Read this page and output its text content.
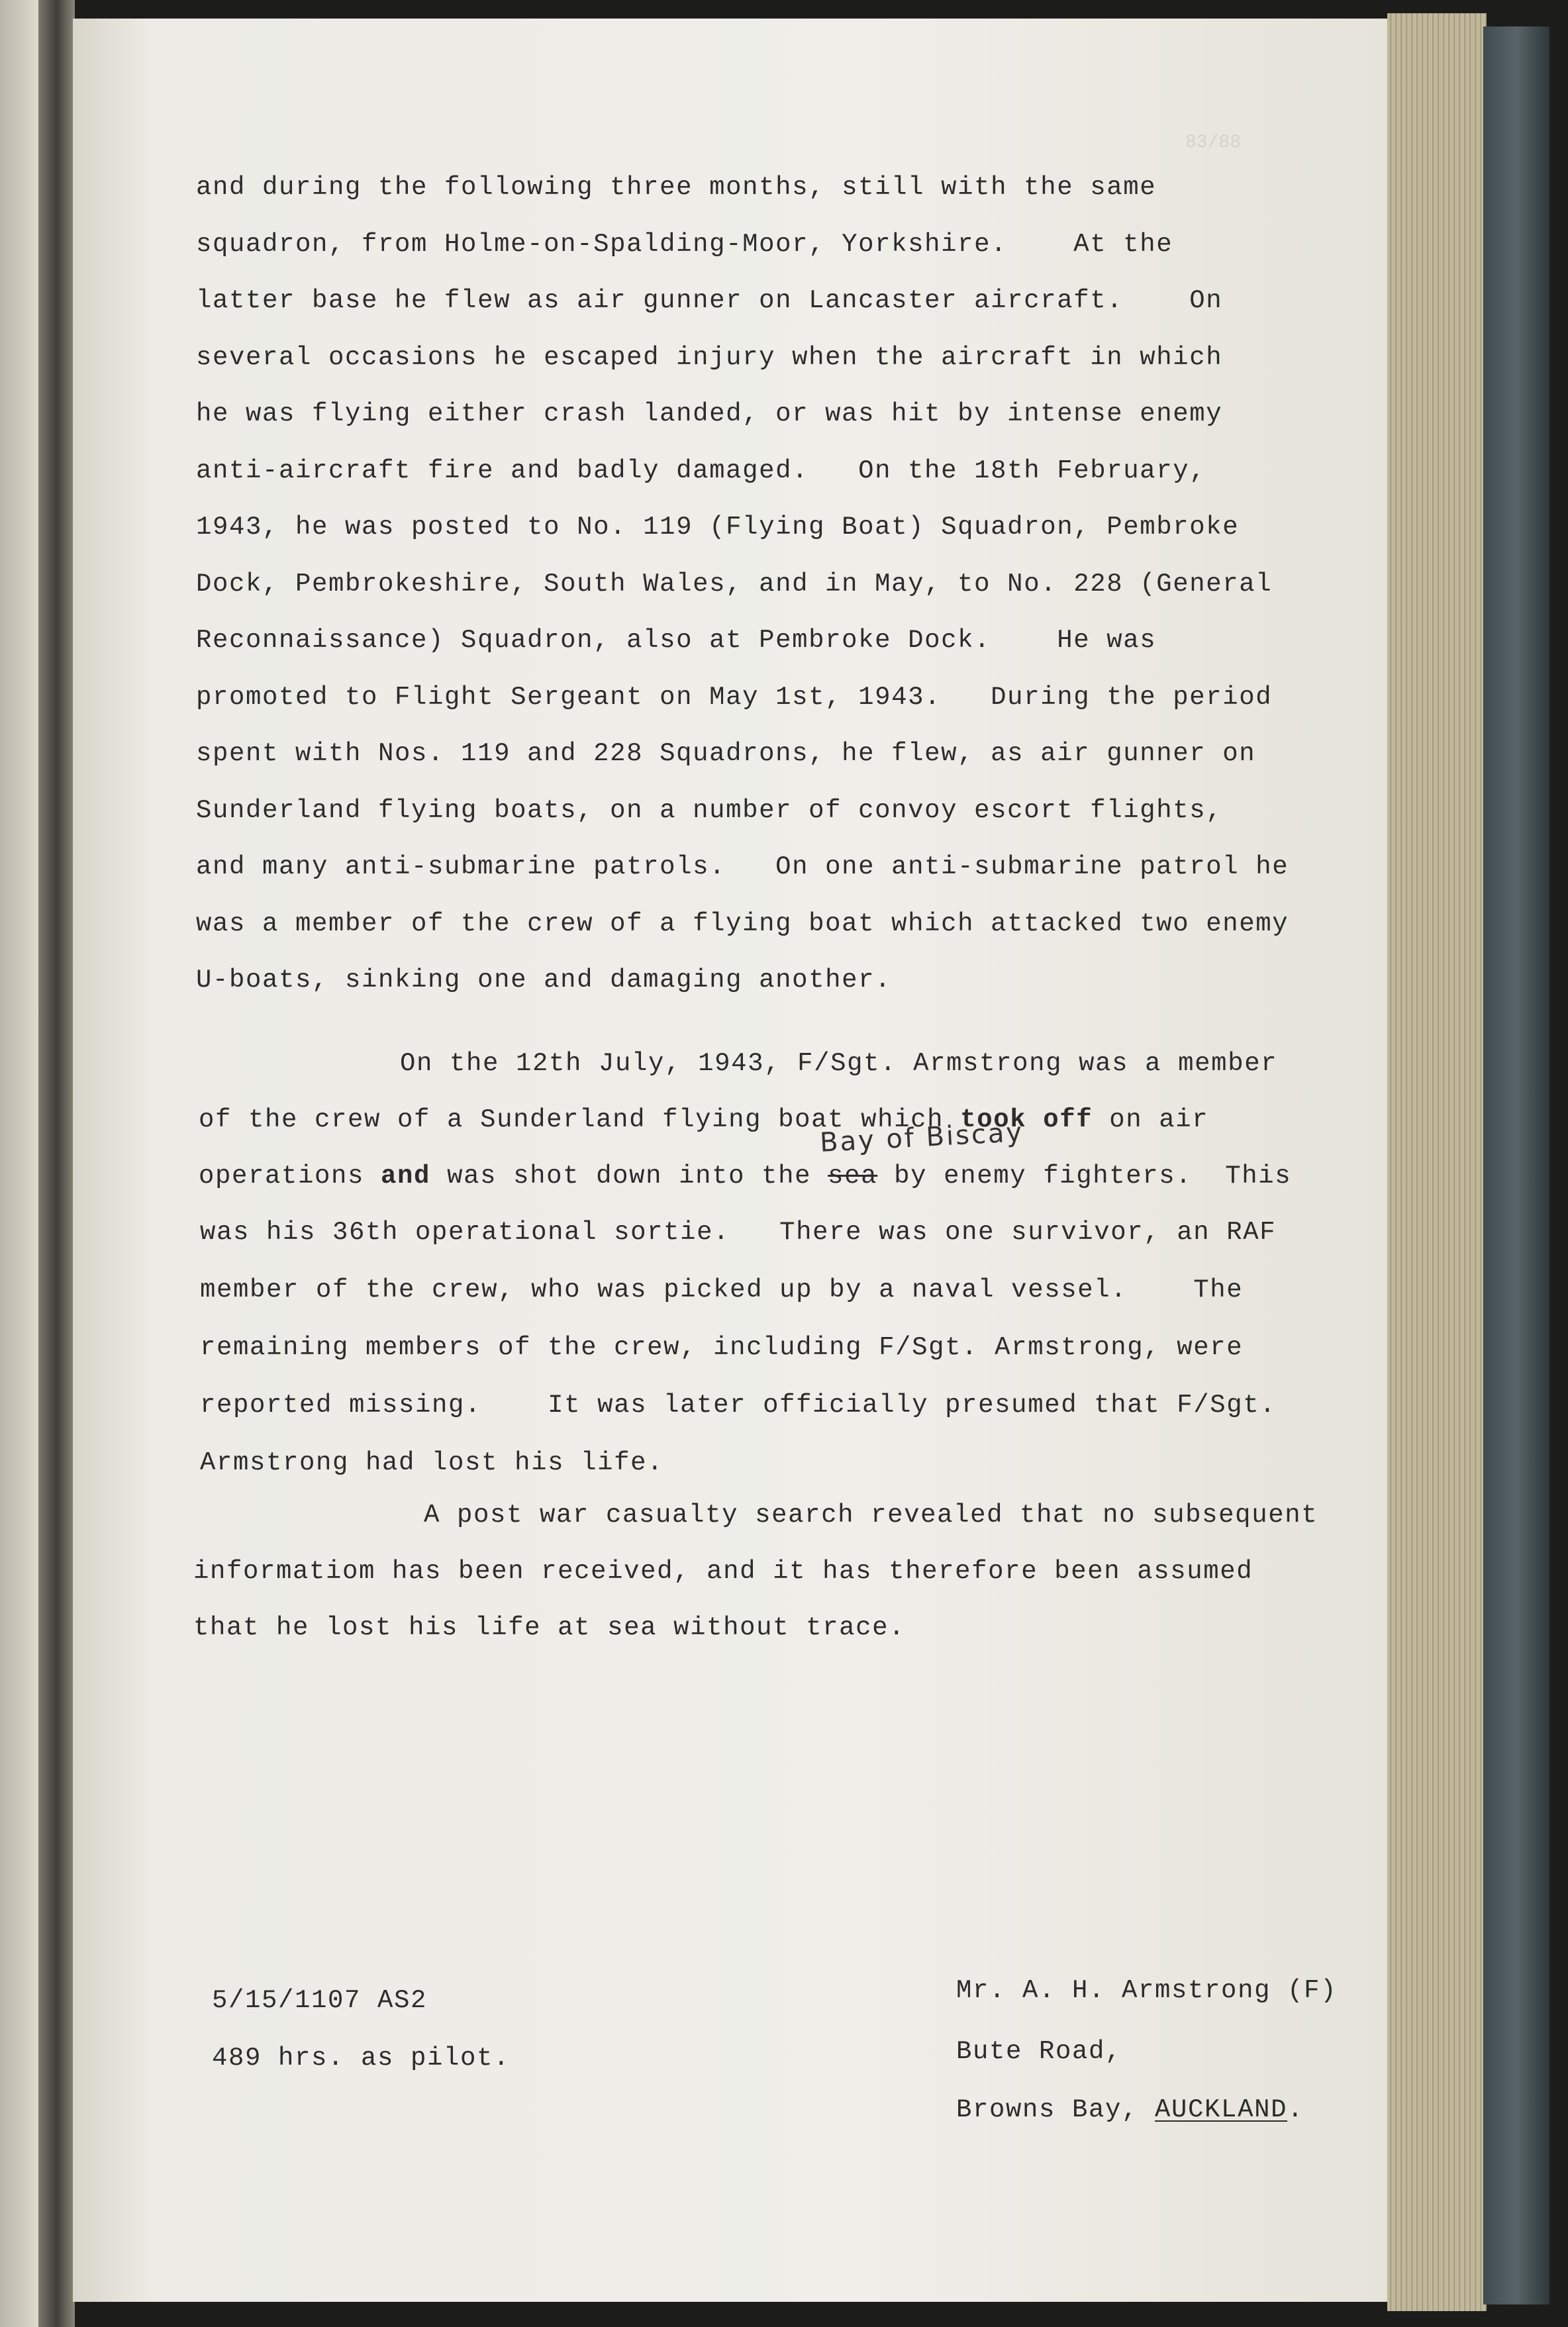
83/88

and during the following three months, still with the same

squadron, from Holme-on-Spalding-Moor, Yorkshire.    At the

latter base he flew as air gunner on Lancaster aircraft.    On

several occasions he escaped injury when the aircraft in which

he was flying either crash landed, or was hit by intense enemy

anti-aircraft fire and badly damaged.   On the 18th February,

1943, he was posted to No. 119 (Flying Boat) Squadron, Pembroke

Dock, Pembrokeshire, South Wales, and in May, to No. 228 (General

Reconnaissance) Squadron, also at Pembroke Dock.    He was

promoted to Flight Sergeant on May 1st, 1943.   During the period

spent with Nos. 119 and 228 Squadrons, he flew, as air gunner on

Sunderland flying boats, on a number of convoy escort flights,

and many anti-submarine patrols.   On one anti-submarine patrol he

was a member of the crew of a flying boat which attacked two enemy

U-boats, sinking one and damaging another.

On the 12th July, 1943, F/Sgt. Armstrong was a member

of the crew of a Sunderland flying boat which took off on air

Bay of Biscay

operations and was shot down into the sea by enemy fighters.  This

was his 36th operational sortie.   There was one survivor, an RAF

member of the crew, who was picked up by a naval vessel.    The

remaining members of the crew, including F/Sgt. Armstrong, were

reported missing.    It was later officially presumed that F/Sgt.

Armstrong had lost his life.

A post war casualty search revealed that no subsequent

informatiom has been received, and it has therefore been assumed

that he lost his life at sea without trace.

5/15/1107 AS2

489 hrs. as pilot.

Mr. A. H. Armstrong (F)

Bute Road,

Browns Bay, AUCKLAND.
